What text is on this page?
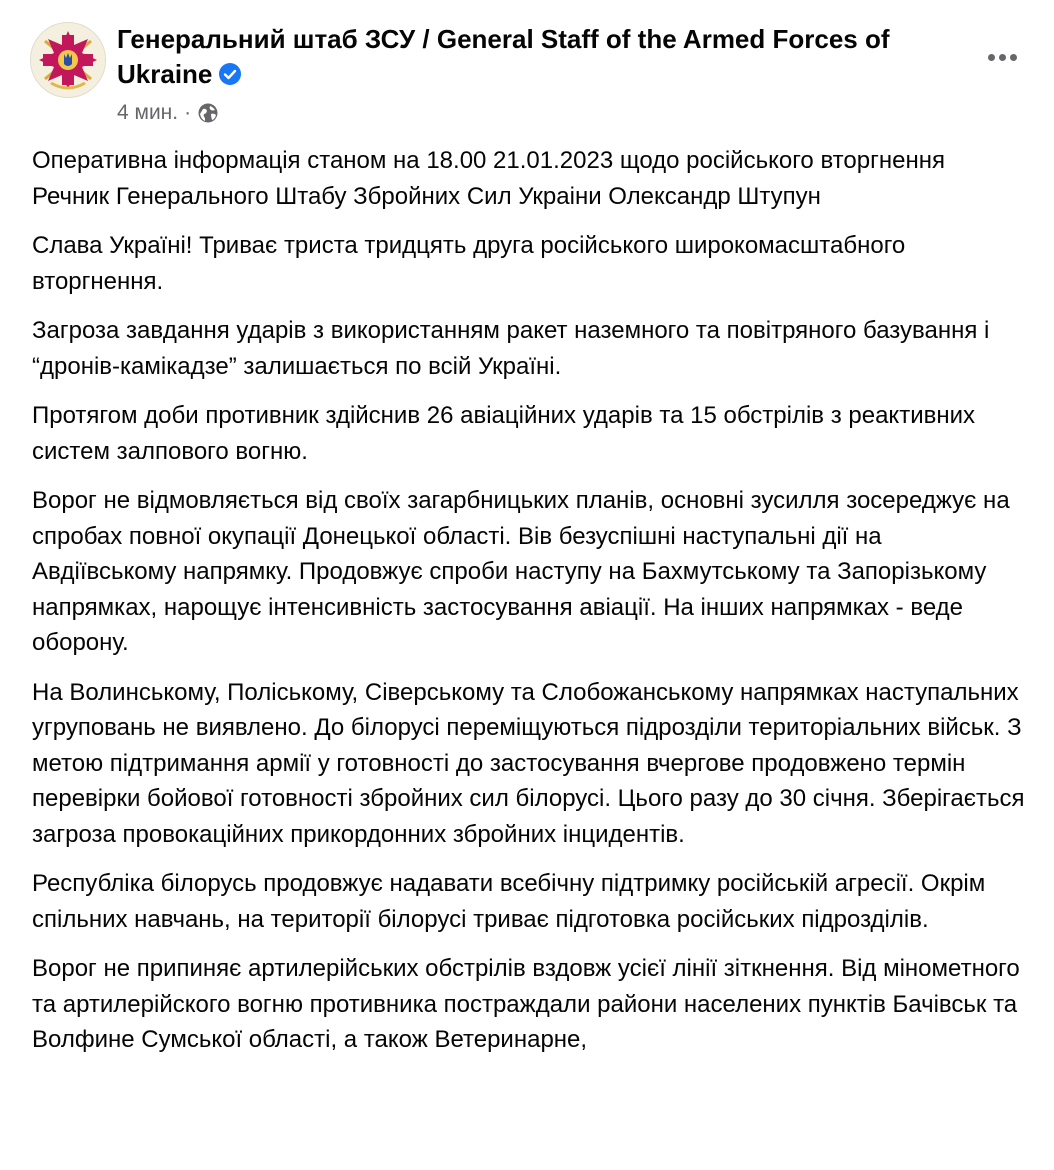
Генеральний штаб ЗСУ / General Staff of the Armed Forces of Ukraine
4 мин. ·

Оперативна інформація станом на 18.00 21.01.2023 щодо російського вторгнення

Речник Генерального Штабу Збройних Сил Украіни Олександр Штупун

Слава Україні! Триває триста тридцять друга російського широкомасштабного вторгнення.

Загроза завдання ударів з використанням ракет наземного та повітряного базування і “дронів-камікадзе” залишається по всій Україні.

Протягом доби противник здійснив 26 авіаційних ударів та 15 обстрілів з реактивних систем залпового вогню.

Ворог не відмовляється від своїх загарбницьких планів, основні зусилля зосереджує на спробах повної окупації Донецької області. Вів безуспішні наступальні дії на Авдіївському напрямку. Продовжує спроби наступу на Бахмутському та Запорізькому напрямках, нарощує інтенсивність застосування авіації. На інших напрямках - веде оборону.

На Волинському, Поліському, Сіверському та Слобожанському напрямках наступальних угруповань не виявлено. До білорусі переміщуються підрозділи територіальних військ. З метою підтримання армії у готовності до застосування вчергове продовжено термін перевірки бойової готовності збройних сил білорусі. Цього разу до 30 січня. Зберігається загроза провокаційних прикордонних збройних інцидентів.

Республіка білорусь продовжує надавати всебічну підтримку російській агресії. Окрім спільних навчань, на території білорусі триває підготовка російських підрозділів.

Ворог не припиняє артилерійських обстрілів вздовж усієї лінії зіткнення. Від мінометного та артилерійского вогню противника постраждали райони населених пунктів Бачівськ та Волфине Сумської області, а також Ветеринарне,
